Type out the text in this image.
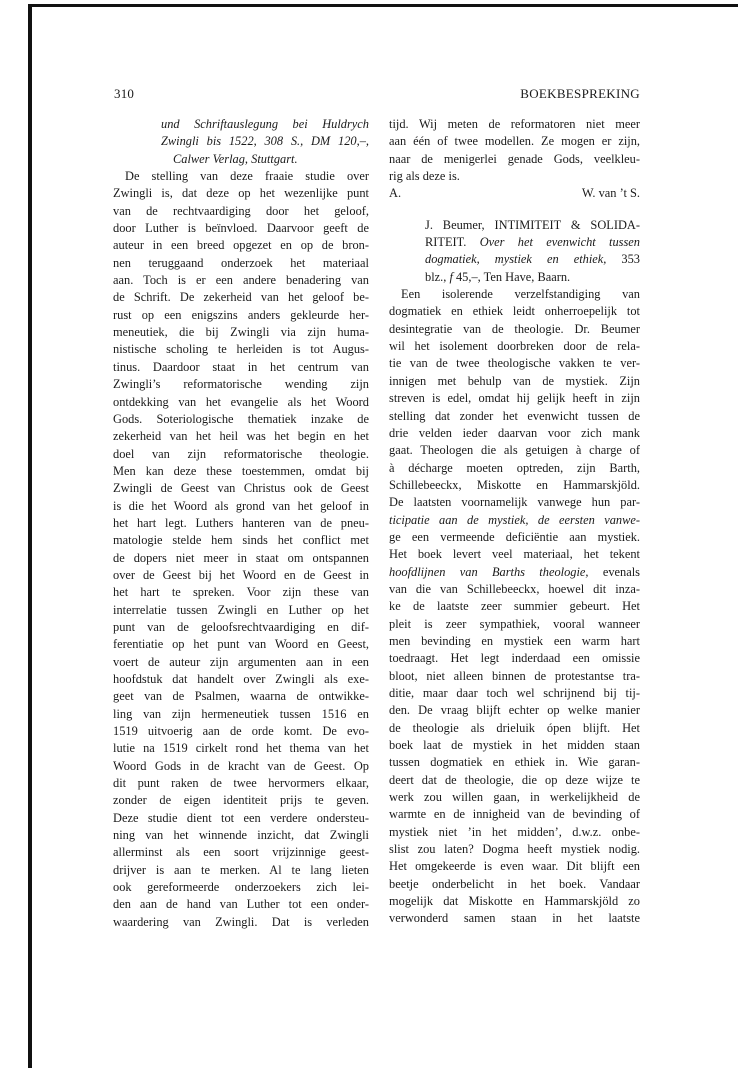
310	BOEKBESPREKING
und Schriftauslegung bei Huldrych
Zwingli bis 1522, 308 S., DM 120,–,
Calwer Verlag, Stuttgart.
De stelling van deze fraaie studie over
Zwingli is, dat deze op het wezenlijke punt
van de rechtvaardiging door het geloof,
door Luther is beïnvloed. Daarvoor geeft de
auteur in een breed opgezet en op de bron-
nen teruggaand onderzoek het materiaal
aan. Toch is er een andere benadering van
de Schrift. De zekerheid van het geloof be-
rust op een enigszins anders gekleurde her-
meneutiek, die bij Zwingli via zijn huma-
nistische scholing te herleiden is tot Augus-
tinus. Daardoor staat in het centrum van
Zwingli’s reformatorische wending zijn
ontdekking van het evangelie als het Woord
Gods. Soteriologische thematiek inzake de
zekerheid van het heil was het begin en het
doel van zijn reformatorische theologie.
Men kan deze these toestemmen, omdat bij
Zwingli de Geest van Christus ook de Geest
is die het Woord als grond van het geloof in
het hart legt. Luthers hanteren van de pneu-
matologie stelde hem sinds het conflict met
de dopers niet meer in staat om ontspannen
over de Geest bij het Woord en de Geest in
het hart te spreken. Voor zijn these van
interrelatie tussen Zwingli en Luther op het
punt van de geloofsrechtvaardiging en dif-
ferentiatie op het punt van Woord en Geest,
voert de auteur zijn argumenten aan in een
hoofdstuk dat handelt over Zwingli als exe-
geet van de Psalmen, waarna de ontwikke-
ling van zijn hermeneutiek tussen 1516 en
1519 uitvoerig aan de orde komt. De evo-
lutie na 1519 cirkelt rond het thema van het
Woord Gods in de kracht van de Geest. Op
dit punt raken de twee hervormers elkaar,
zonder de eigen identiteit prijs te geven.
Deze studie dient tot een verdere ondersteu-
ning van het winnende inzicht, dat Zwingli
allerminst als een soort vrijzinnige geest-
drijver is aan te merken. Al te lang lieten
ook gereformeerde onderzoekers zich lei-
den aan de hand van Luther tot een onder-
waardering van Zwingli. Dat is verleden
tijd. Wij meten de reformatoren niet meer
aan één of twee modellen. Ze mogen er zijn,
naar de menigerlei genade Gods, veelkleu-
rig als deze is.
A.	W. van ’t S.
J. Beumer, INTIMITEIT & SOLIDA-
RITEIT. Over het evenwicht tussen
dogmatiek, mystiek en ethiek, 353
blz., f 45,–, Ten Have, Baarn.
Een isolerende verzelfstandiging van
dogmatiek en ethiek leidt onherroepelijk tot
desintegratie van de theologie. Dr. Beumer
wil het isolement doorbreken door de rela-
tie van de twee theologische vakken te ver-
innigen met behulp van de mystiek. Zijn
streven is edel, omdat hij gelijk heeft in zijn
stelling dat zonder het evenwicht tussen de
drie velden ieder daarvan voor zich mank
gaat. Theologen die als getuigen à charge of
à décharge moeten optreden, zijn Barth,
Schillebeeckx, Miskotte en Hammarskjöld.
De laatsten voornamelijk vanwege hun par-
ticipatie aan de mystiek, de eersten vanwe-
ge een vermeende deficiëntie aan mystiek.
Het boek levert veel materiaal, het tekent
hoofdlijnen van Barths theologie, evenals
van die van Schillebeeckx, hoewel dit inza-
ke de laatste zeer summier gebeurt. Het
pleit is zeer sympathiek, vooral wanneer
men bevinding en mystiek een warm hart
toedraagt. Het legt inderdaad een omissie
bloot, niet alleen binnen de protestantse tra-
ditie, maar daar toch wel schrijnend bij tij-
den. De vraag blijft echter op welke manier
de theologie als drieluik ópen blijft. Het
boek laat de mystiek in het midden staan
tussen dogmatiek en ethiek in. Wie garan-
deert dat de theologie, die op deze wijze te
werk zou willen gaan, in werkelijkheid de
warmte en de innigheid van de bevinding of
mystiek niet ’in het midden’, d.w.z. onbe-
slist zou laten? Dogma heeft mystiek nodig.
Het omgekeerde is even waar. Dit blijft een
beetje onderbelicht in het boek. Vandaar
mogelijk dat Miskotte en Hammarskjöld zo
verwonderd samen staan in het laatste
